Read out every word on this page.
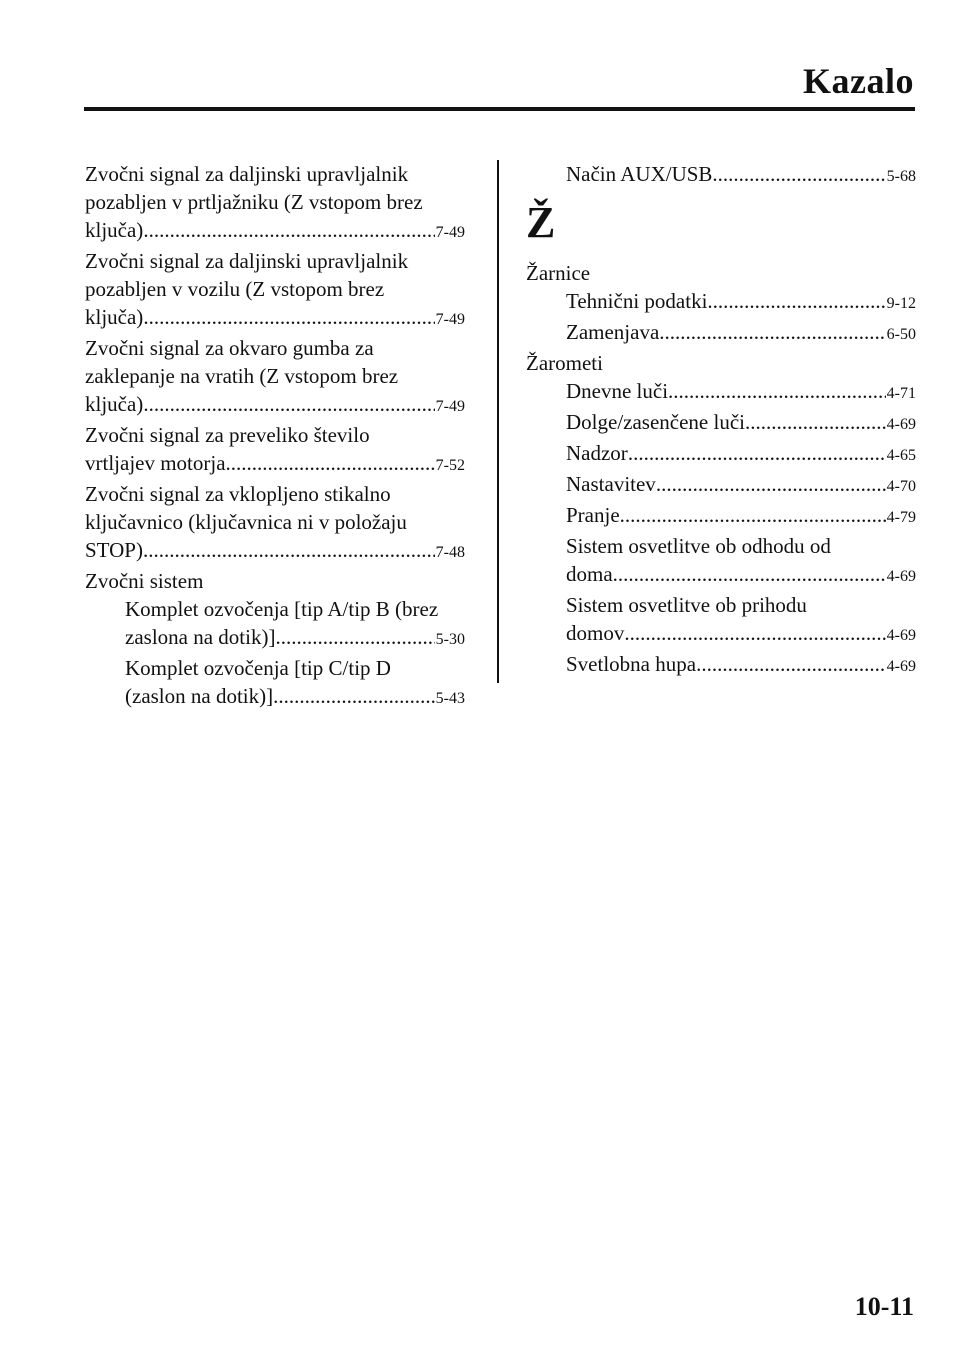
Kazalo
Zvočni signal za daljinski upravljalnik
pozabljen v prtljažniku (Z vstopom brez
ključa) .....	7-49
Zvočni signal za daljinski upravljalnik
pozabljen v vozilu (Z vstopom brez
ključa) .....	7-49
Zvočni signal za okvaro gumba za
zaklepanje na vratih (Z vstopom brez
ključa) .....	7-49
Zvočni signal za preveliko število
vrtljajev motorja .....	7-52
Zvočni signal za vklopljeno stikalno
ključavnico (ključavnica ni v položaju
STOP) .....	7-48
Zvočni sistem
Komplet ozvočenja [tip A/tip B (brez
zaslona na dotik)] .....	5-30
Komplet ozvočenja [tip C/tip D
(zaslon na dotik)] .....	5-43
Način AUX/USB .....	5-68
Ž
Žarnice
Tehnični podatki .....	9-12
Zamenjava .....	6-50
Žarometi
Dnevne luči .....	4-71
Dolge/zasenčene luči .....	4-69
Nadzor .....	4-65
Nastavitev .....	4-70
Pranje .....	4-79
Sistem osvetlitve ob odhodu od
doma .....	4-69
Sistem osvetlitve ob prihodu
domov .....	4-69
Svetlobna hupa .....	4-69
10-11
